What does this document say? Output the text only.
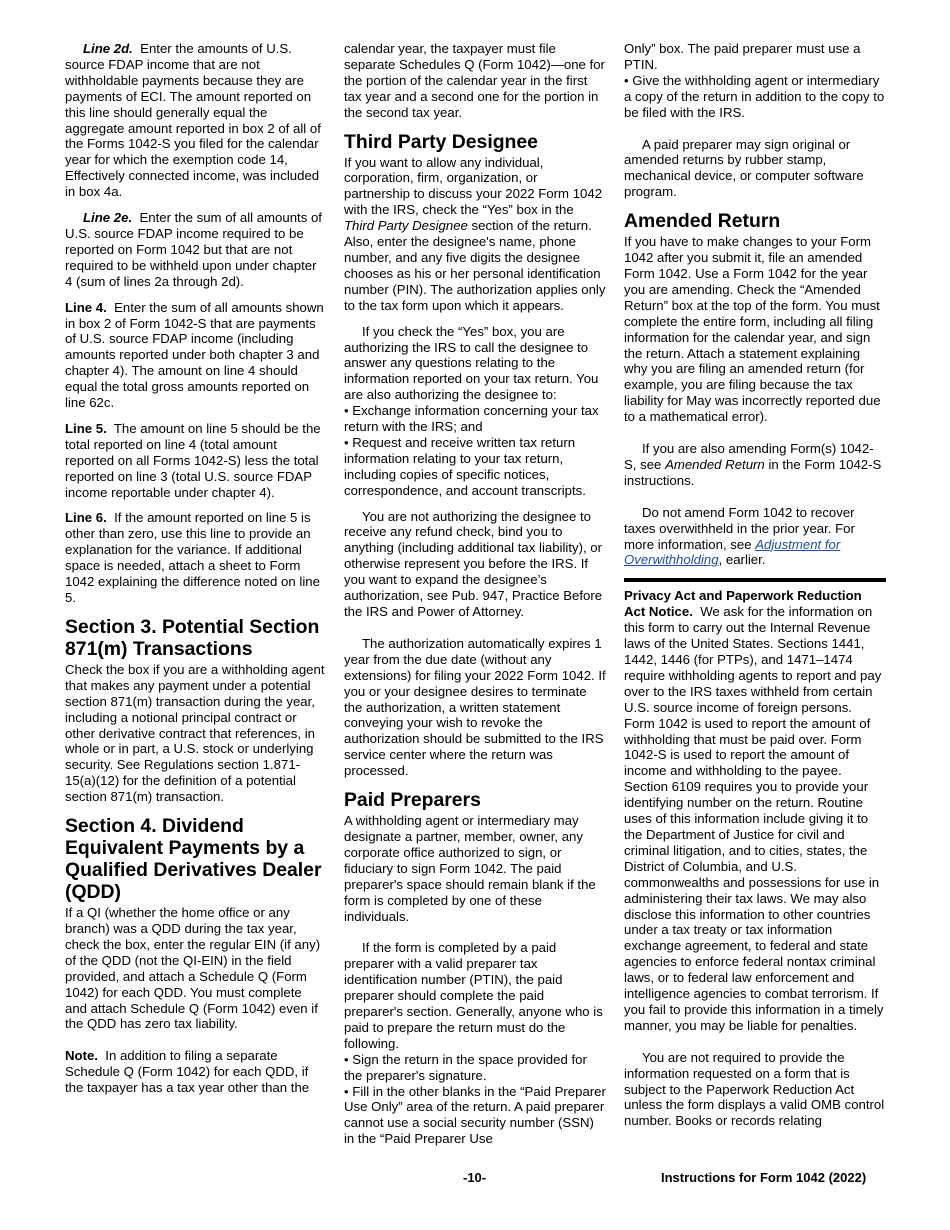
Line 2d. Enter the amounts of U.S. source FDAP income that are not withholdable payments because they are payments of ECI. The amount reported on this line should generally equal the aggregate amount reported in box 2 of all of the Forms 1042-S you filed for the calendar year for which the exemption code 14, Effectively connected income, was included in box 4a.

Line 2e. Enter the sum of all amounts of U.S. source FDAP income required to be reported on Form 1042 but that are not required to be withheld upon under chapter 4 (sum of lines 2a through 2d).

Line 4. Enter the sum of all amounts shown in box 2 of Form 1042-S that are payments of U.S. source FDAP income (including amounts reported under both chapter 3 and chapter 4). The amount on line 4 should equal the total gross amounts reported on line 62c.

Line 5. The amount on line 5 should be the total reported on line 4 (total amount reported on all Forms 1042-S) less the total reported on line 3 (total U.S. source FDAP income reportable under chapter 4).

Line 6. If the amount reported on line 5 is other than zero, use this line to provide an explanation for the variance. If additional space is needed, attach a sheet to Form 1042 explaining the difference noted on line 5.

Section 3. Potential Section 871(m) Transactions

Check the box if you are a withholding agent that makes any payment under a potential section 871(m) transaction during the year, including a notional principal contract or other derivative contract that references, in whole or in part, a U.S. stock or underlying security. See Regulations section 1.871-15(a)(12) for the definition of a potential section 871(m) transaction.

Section 4. Dividend Equivalent Payments by a Qualified Derivatives Dealer (QDD)

If a QI (whether the home office or any branch) was a QDD during the tax year, check the box, enter the regular EIN (if any) of the QDD (not the QI-EIN) in the field provided, and attach a Schedule Q (Form 1042) for each QDD. You must complete and attach Schedule Q (Form 1042) even if the QDD has zero tax liability.

Note. In addition to filing a separate Schedule Q (Form 1042) for each QDD, if the taxpayer has a tax year other than the

calendar year, the taxpayer must file separate Schedules Q (Form 1042)—one for the portion of the calendar year in the first tax year and a second one for the portion in the second tax year.

Third Party Designee

If you want to allow any individual, corporation, firm, organization, or partnership to discuss your 2022 Form 1042 with the IRS, check the “Yes” box in the Third Party Designee section of the return. Also, enter the designee's name, phone number, and any five digits the designee chooses as his or her personal identification number (PIN). The authorization applies only to the tax form upon which it appears.

If you check the “Yes” box, you are authorizing the IRS to call the designee to answer any questions relating to the information reported on your tax return. You are also authorizing the designee to:

• Exchange information concerning your tax return with the IRS; and
• Request and receive written tax return information relating to your tax return, including copies of specific notices, correspondence, and account transcripts.

You are not authorizing the designee to receive any refund check, bind you to anything (including additional tax liability), or otherwise represent you before the IRS. If you want to expand the designee’s authorization, see Pub. 947, Practice Before the IRS and Power of Attorney.

The authorization automatically expires 1 year from the due date (without any extensions) for filing your 2022 Form 1042. If you or your designee desires to terminate the authorization, a written statement conveying your wish to revoke the authorization should be submitted to the IRS service center where the return was processed.

Paid Preparers

A withholding agent or intermediary may designate a partner, member, owner, any corporate office authorized to sign, or fiduciary to sign Form 1042. The paid preparer's space should remain blank if the form is completed by one of these individuals.

If the form is completed by a paid preparer with a valid preparer tax identification number (PTIN), the paid preparer should complete the paid preparer's section. Generally, anyone who is paid to prepare the return must do the following.

• Sign the return in the space provided for the preparer's signature.
• Fill in the other blanks in the “Paid Preparer Use Only” area of the return. A paid preparer cannot use a social security number (SSN) in the “Paid Preparer Use

Only” box. The paid preparer must use a PTIN.

• Give the withholding agent or intermediary a copy of the return in addition to the copy to be filed with the IRS.

A paid preparer may sign original or amended returns by rubber stamp, mechanical device, or computer software program.

Amended Return

If you have to make changes to your Form 1042 after you submit it, file an amended Form 1042. Use a Form 1042 for the year you are amending. Check the “Amended Return” box at the top of the form. You must complete the entire form, including all filing information for the calendar year, and sign the return. Attach a statement explaining why you are filing an amended return (for example, you are filing because the tax liability for May was incorrectly reported due to a mathematical error).

If you are also amending Form(s) 1042-S, see Amended Return in the Form 1042-S instructions.

Do not amend Form 1042 to recover taxes overwithheld in the prior year. For more information, see Adjustment for Overwithholding, earlier.

Privacy Act and Paperwork Reduction Act Notice. We ask for the information on this form to carry out the Internal Revenue laws of the United States. Sections 1441, 1442, 1446 (for PTPs), and 1471–1474 require withholding agents to report and pay over to the IRS taxes withheld from certain U.S. source income of foreign persons. Form 1042 is used to report the amount of withholding that must be paid over. Form 1042-S is used to report the amount of income and withholding to the payee. Section 6109 requires you to provide your identifying number on the return. Routine uses of this information include giving it to the Department of Justice for civil and criminal litigation, and to cities, states, the District of Columbia, and U.S. commonwealths and possessions for use in administering their tax laws. We may also disclose this information to other countries under a tax treaty or tax information exchange agreement, to federal and state agencies to enforce federal nontax criminal laws, or to federal law enforcement and intelligence agencies to combat terrorism. If you fail to provide this information in a timely manner, you may be liable for penalties.

You are not required to provide the information requested on a form that is subject to the Paperwork Reduction Act unless the form displays a valid OMB control number. Books or records relating

-10-	Instructions for Form 1042 (2022)
